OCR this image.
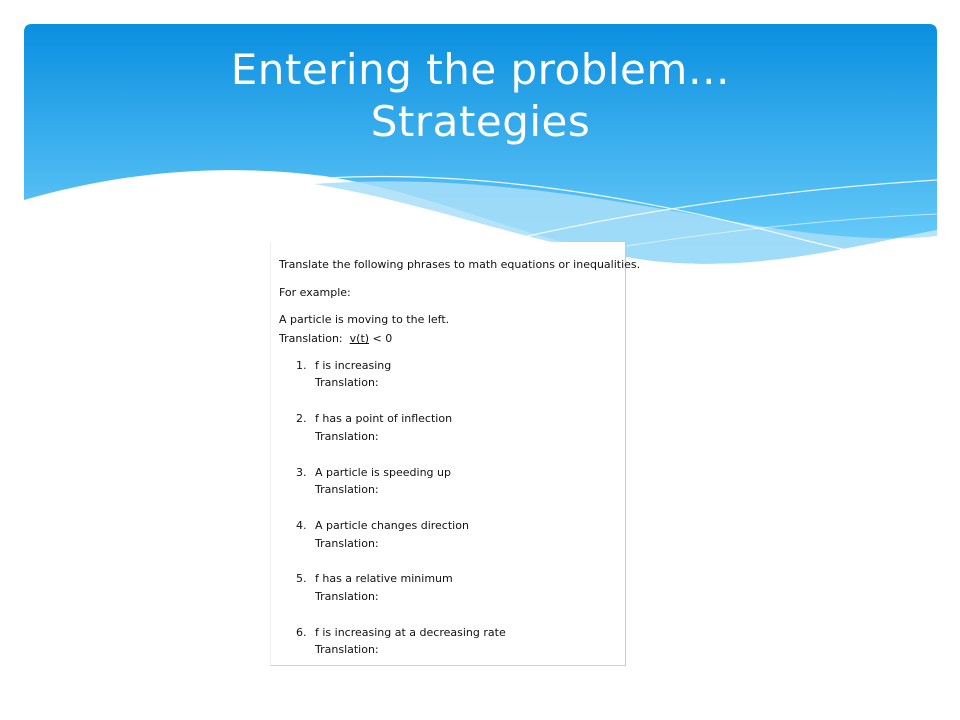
Entering the problem…
Strategies
Translate the following phrases to math equations or inequalities.
For example:
A particle is moving to the left.
Translation: v(t) < 0
1. f is increasing
Translation:
2. f has a point of inflection
Translation:
3. A particle is speeding up
Translation:
4. A particle changes direction
Translation:
5. f has a relative minimum
Translation:
6. f is increasing at a decreasing rate
Translation:
